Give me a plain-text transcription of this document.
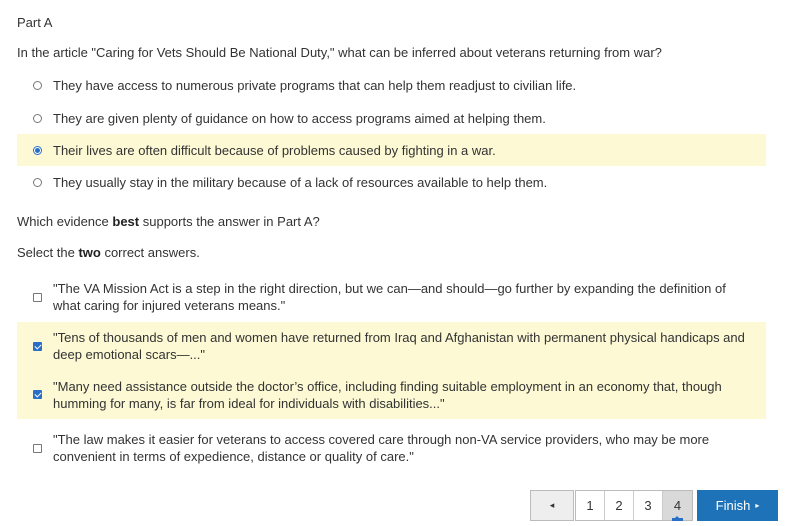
Part A
In the article "Caring for Vets Should Be National Duty," what can be inferred about veterans returning from war?
They have access to numerous private programs that can help them readjust to civilian life.
They are given plenty of guidance on how to access programs aimed at helping them.
Their lives are often difficult because of problems caused by fighting in a war.
They usually stay in the military because of a lack of resources available to help them.
Which evidence best supports the answer in Part A?
Select the two correct answers.
"The VA Mission Act is a step in the right direction, but we can—and should—go further by expanding the definition of what caring for injured veterans means."
"Tens of thousands of men and women have returned from Iraq and Afghanistan with permanent physical handicaps and deep emotional scars—..."
"Many need assistance outside the doctor’s office, including finding suitable employment in an economy that, though humming for many, is far from ideal for individuals with disabilities..."
"The law makes it easier for veterans to access covered care through non-VA service providers, who may be more convenient in terms of expedience, distance or quality of care."
◂	1	2	3	4	Finish ▸
